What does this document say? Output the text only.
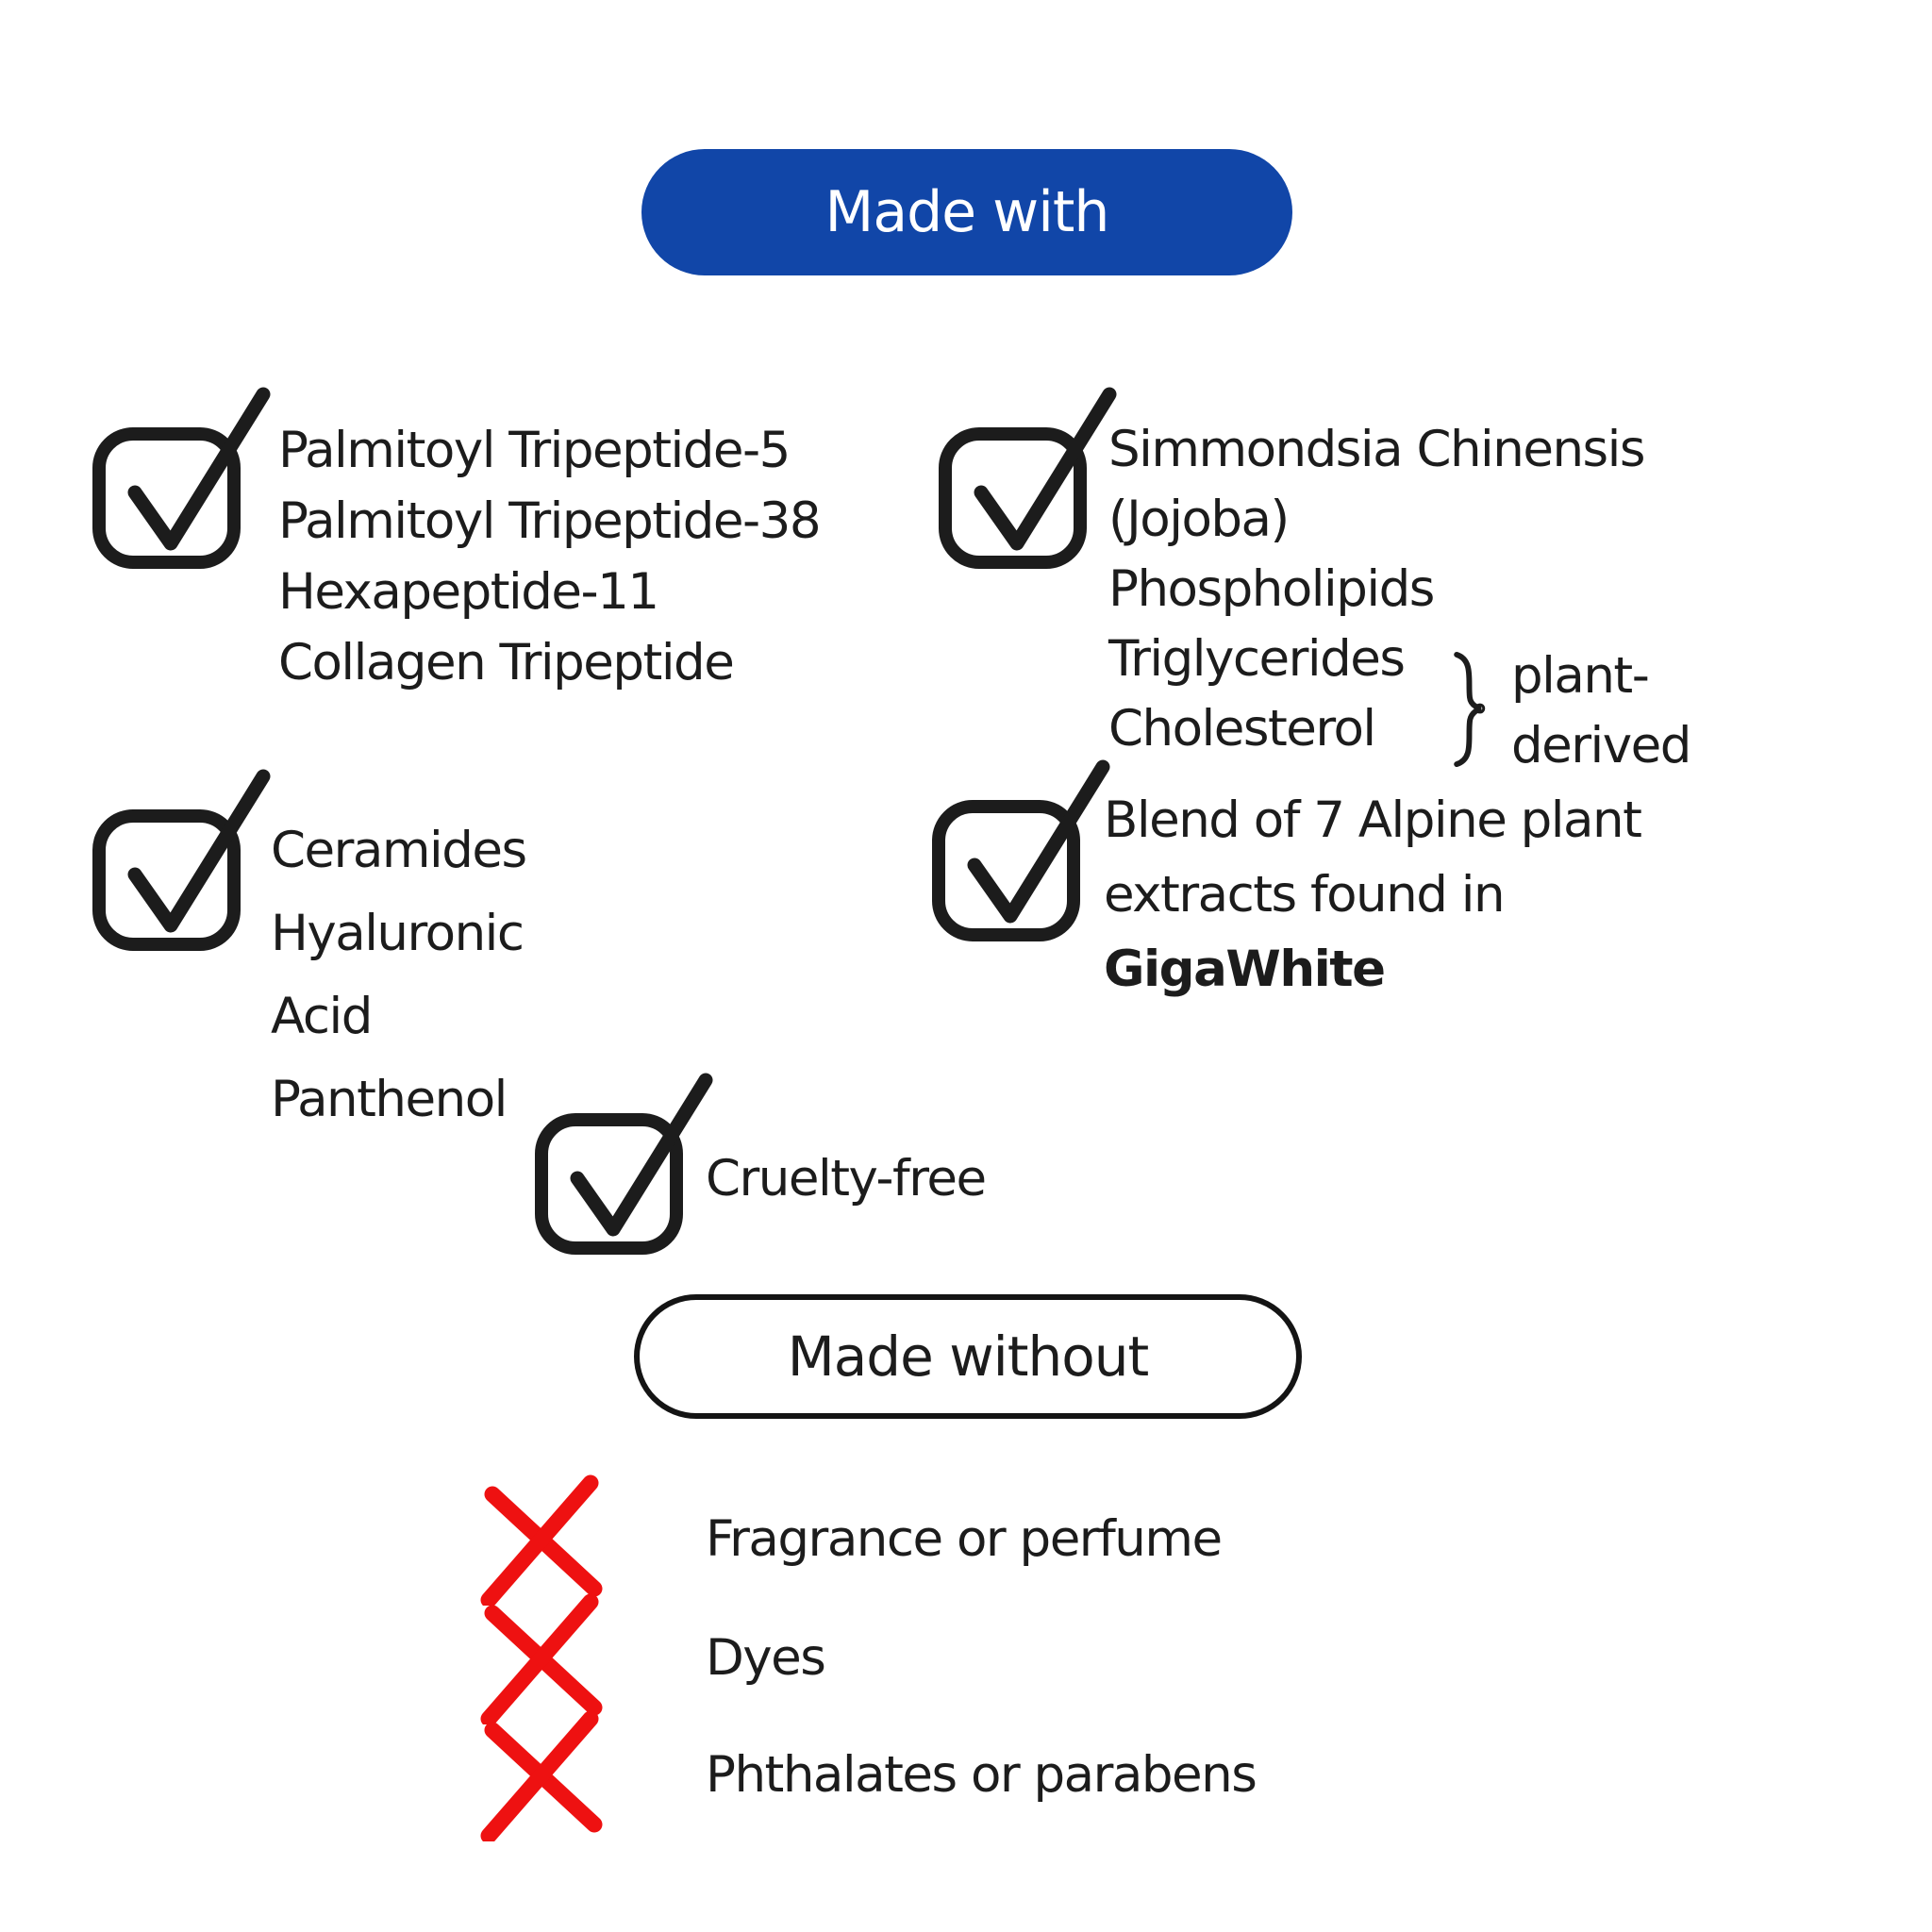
Made with
Palmitoyl Tripeptide-5
Palmitoyl Tripeptide-38
Hexapeptide-11
Collagen Tripeptide
Simmondsia Chinensis
(Jojoba)
Phospholipids
Triglycerides
Cholesterol
plant-
derived
Ceramides
Hyaluronic
Acid
Panthenol
Blend of 7 Alpine plant
extracts found in
GigaWhite
Cruelty-free
Made without
Fragrance or perfume
Dyes
Phthalates or parabens
